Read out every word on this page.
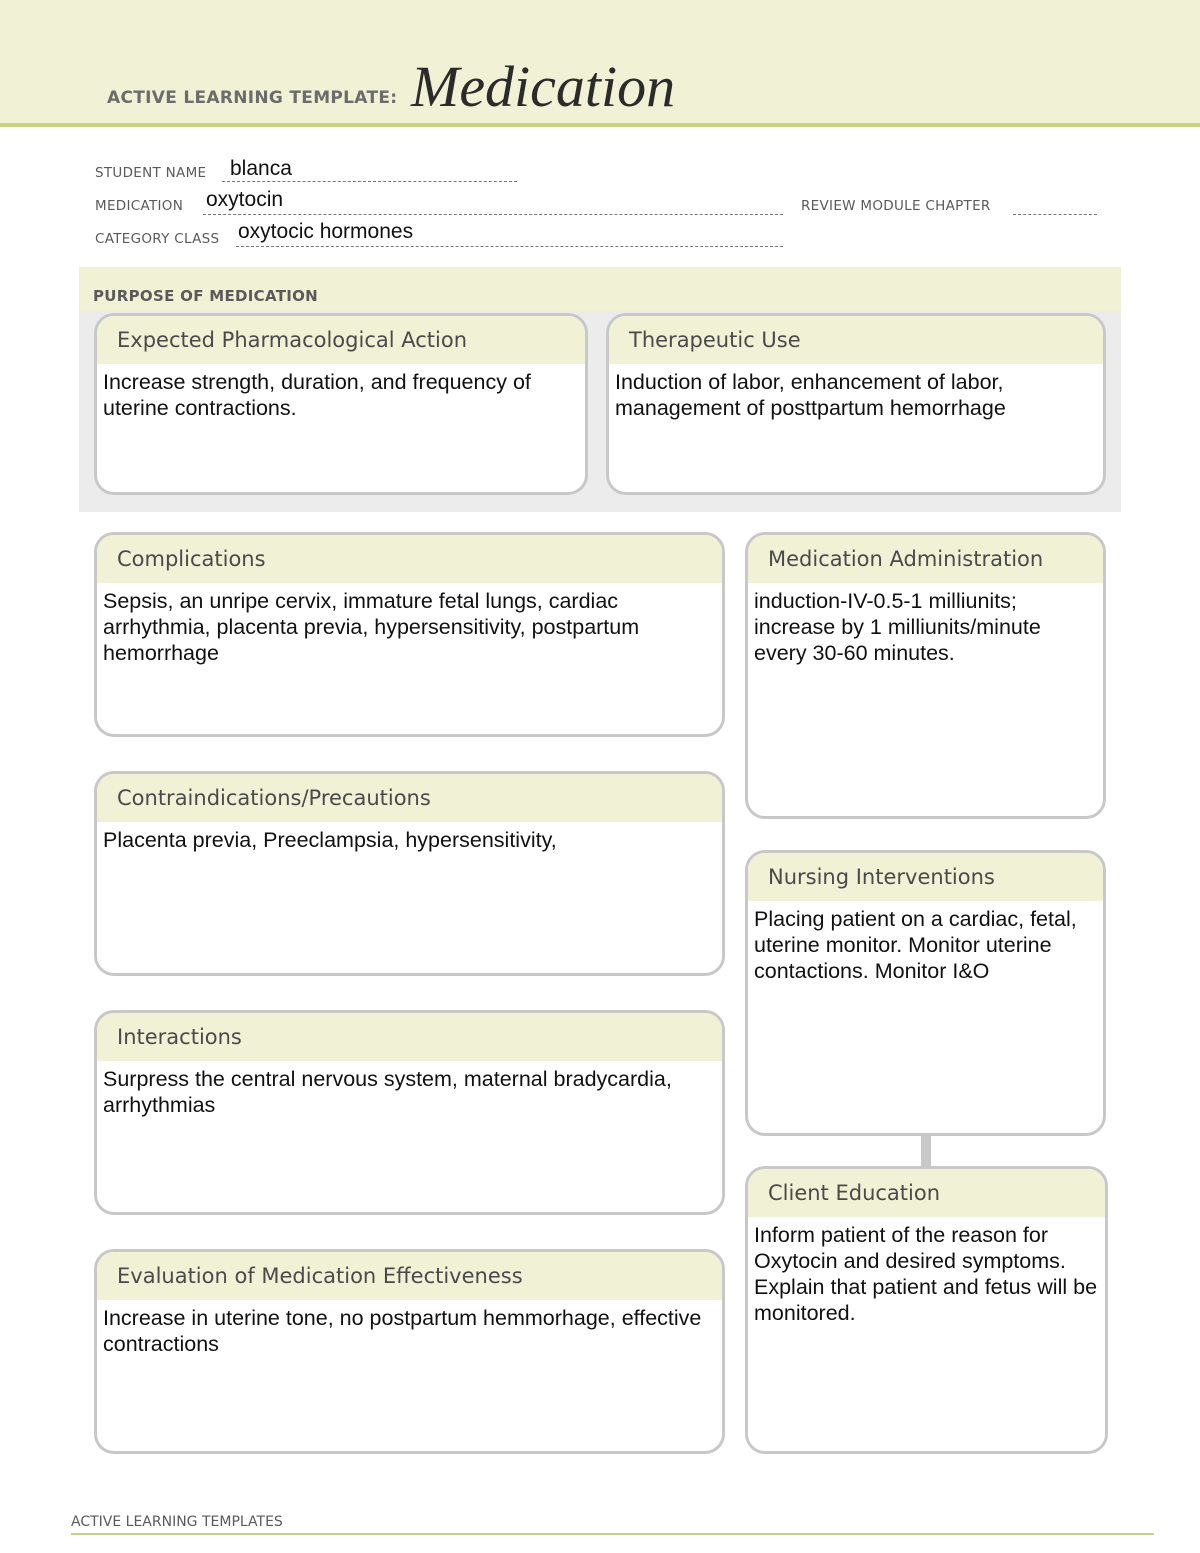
ACTIVE LEARNING TEMPLATE: Medication
STUDENT NAME blanca
MEDICATION oxytocin	REVIEW MODULE CHAPTER
CATEGORY CLASS oxytocic hormones
PURPOSE OF MEDICATION
Expected Pharmacological Action
Increase strength, duration, and frequency of uterine contractions.
Therapeutic Use
Induction of labor, enhancement of labor, management of posttpartum hemorrhage
Complications
Sepsis, an unripe cervix, immature fetal lungs, cardiac arrhythmia, placenta previa, hypersensitivity, postpartum hemorrhage
Contraindications/Precautions
Placenta previa, Preeclampsia, hypersensitivity,
Interactions
Surpress the central nervous system, maternal bradycardia, arrhythmias
Evaluation of Medication Effectiveness
Increase in uterine tone, no postpartum hemmorhage, effective contractions
Medication Administration
induction-IV-0.5-1 milliunits; increase by 1 milliunits/minute every 30-60 minutes.
Nursing Interventions
Placing patient on a cardiac, fetal, uterine monitor. Monitor uterine contactions. Monitor I&O
Client Education
Inform patient of the reason for Oxytocin and desired symptoms. Explain that patient and fetus will be monitored.
ACTIVE LEARNING TEMPLATES
